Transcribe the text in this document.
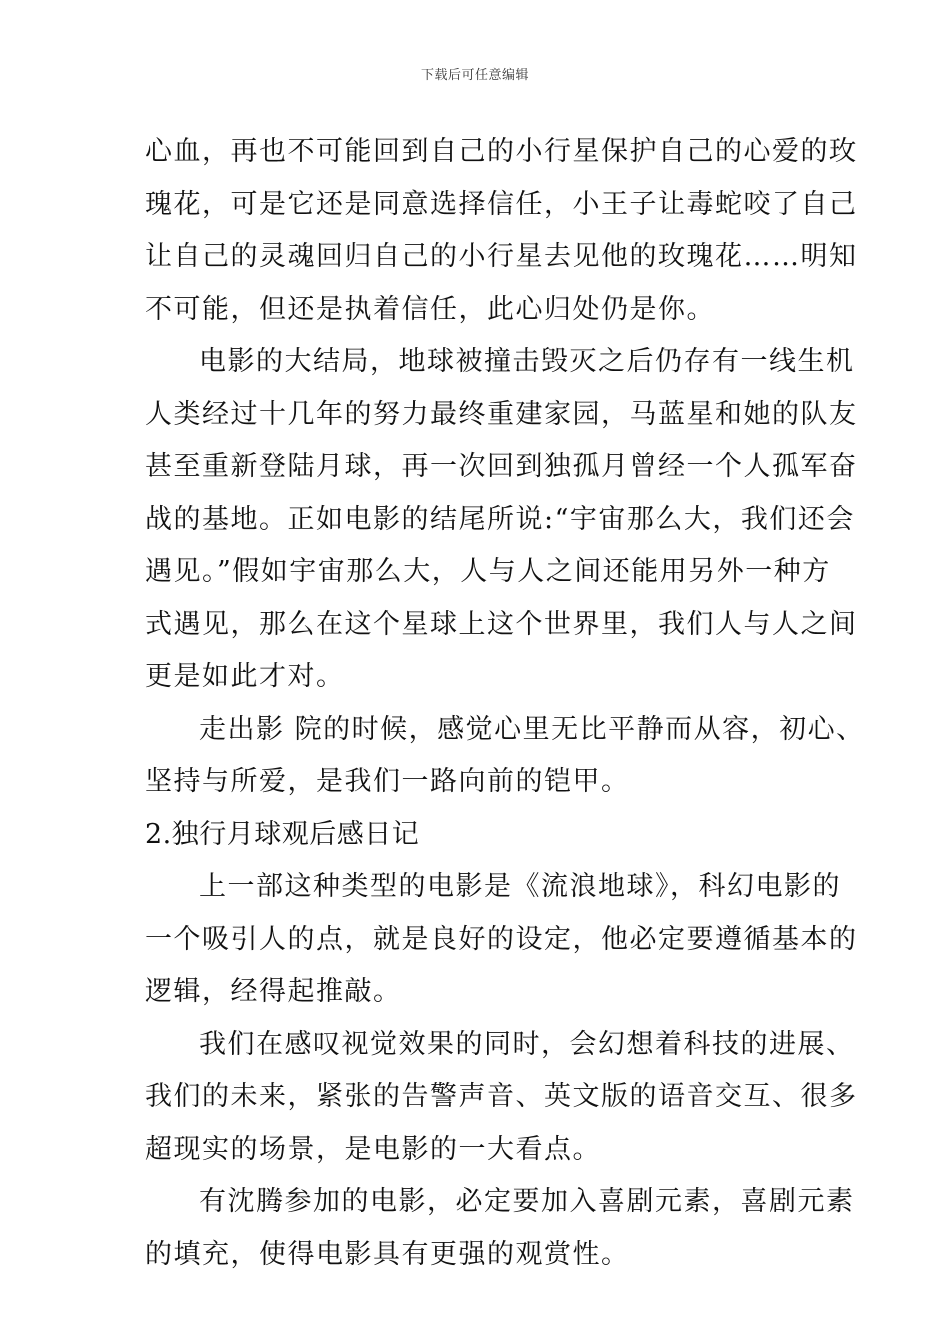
下载后可任意编辑
心血，再也不可能回到自己的小行星保护自己的心爱的玫
瑰花，可是它还是同意选择信任，小王子让毒蛇咬了自己
让自己的灵魂回归自己的小行星去见他的玫瑰花……明知
不可能，但还是执着信任，此心归处仍是你。
电影的大结局，地球被撞击毁灭之后仍存有一线生机
人类经过十几年的努力最终重建家园，马蓝星和她的队友
甚至重新登陆月球，再一次回到独孤月曾经一个人孤军奋
战的基地。正如电影的结尾所说:“宇宙那么大，我们还会
遇见。”假如宇宙那么大，人与人之间还能用另外一种方
式遇见，那么在这个星球上这个世界里，我们人与人之间
更是如此才对。
走出影 院的时候，感觉心里无比平静而从容，初心、
坚持与所爱，是我们一路向前的铠甲。
2.独行月球观后感日记
上一部这种类型的电影是《流浪地球》，科幻电影的
一个吸引人的点，就是良好的设定，他必定要遵循基本的
逻辑，经得起推敲。
我们在感叹视觉效果的同时，会幻想着科技的进展、
我们的未来，紧张的告警声音、英文版的语音交互、很多
超现实的场景，是电影的一大看点。
有沈腾参加的电影，必定要加入喜剧元素，喜剧元素
的填充，使得电影具有更强的观赏性。
